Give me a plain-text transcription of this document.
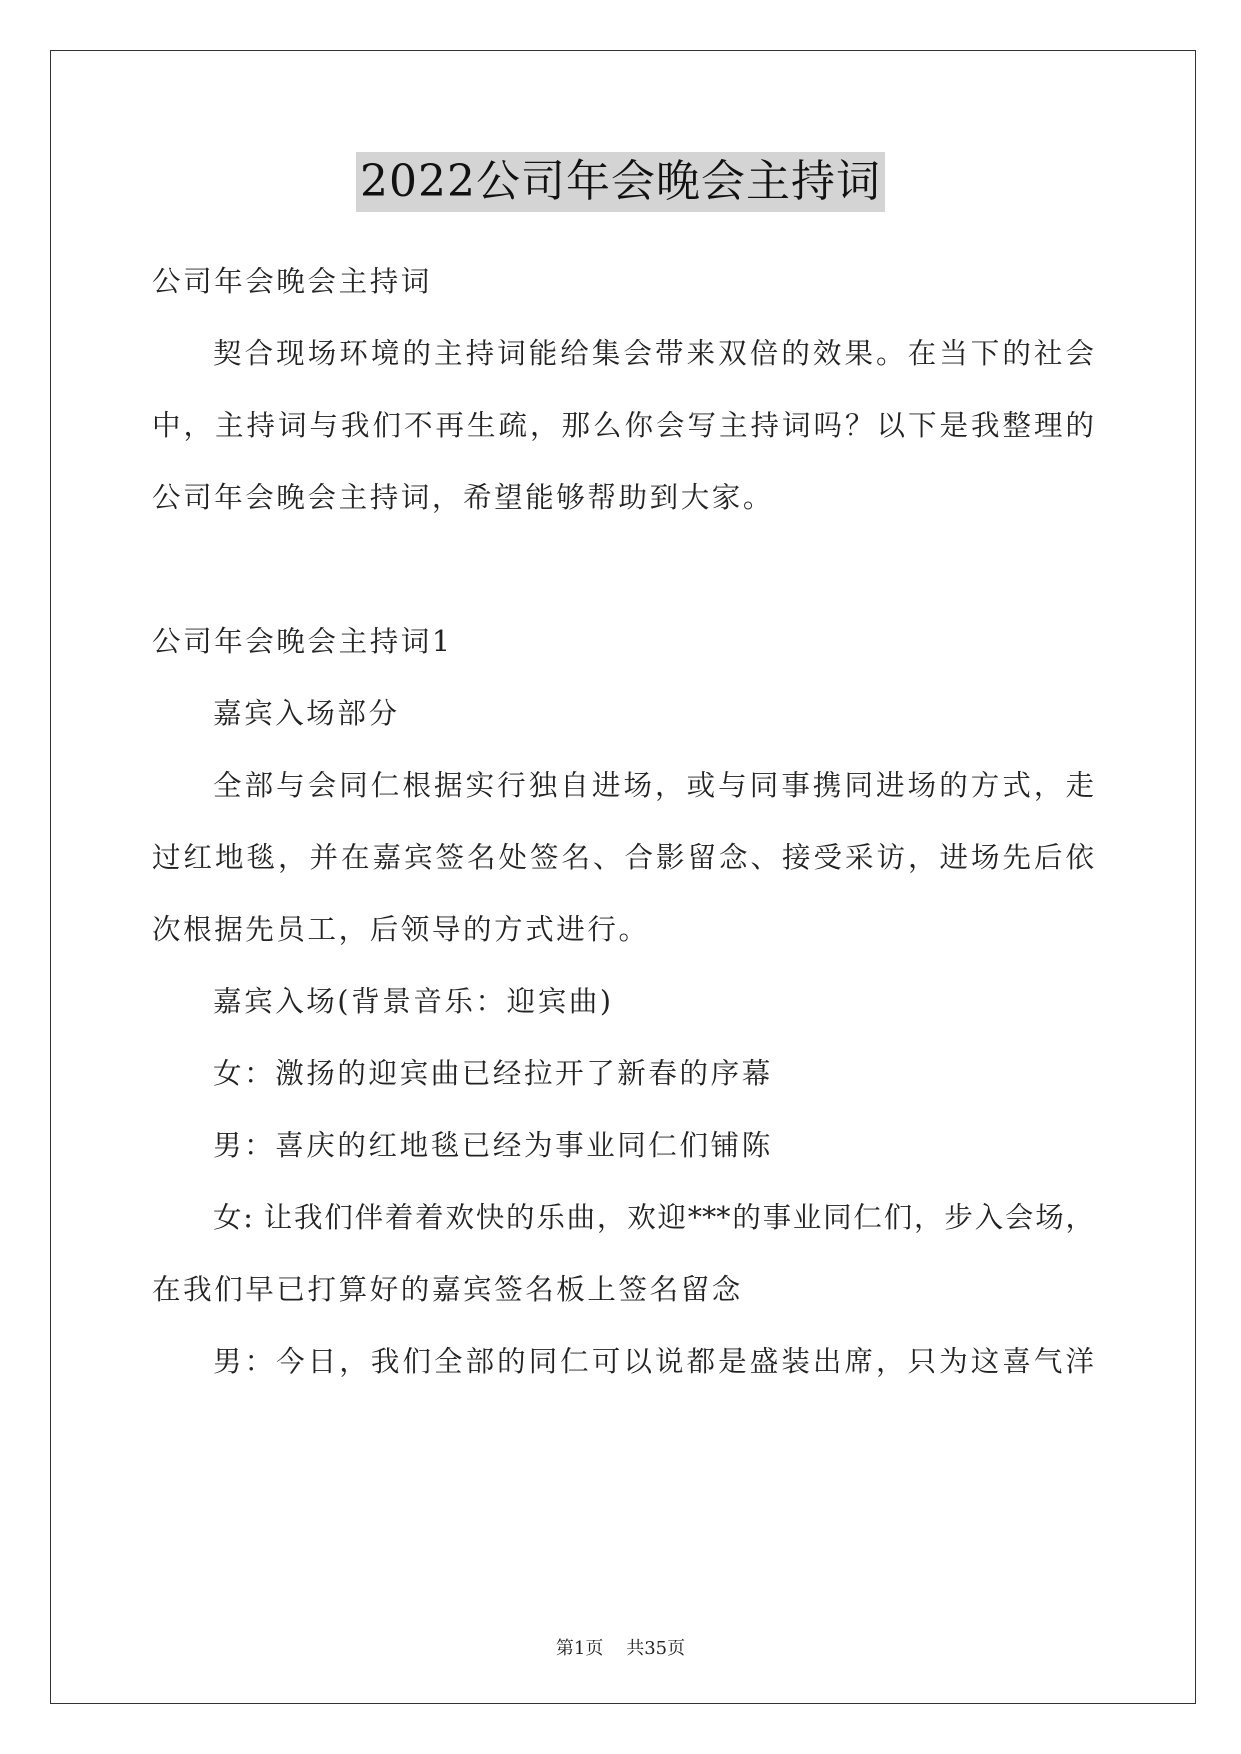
2022公司年会晚会主持词
公司年会晚会主持词
契合现场环境的主持词能给集会带来双倍的效果。在当下的社会
中，主持词与我们不再生疏，那么你会写主持词吗？以下是我整理的
公司年会晚会主持词，希望能够帮助到大家。
公司年会晚会主持词1
嘉宾入场部分
全部与会同仁根据实行独自进场，或与同事携同进场的方式，走
过红地毯，并在嘉宾签名处签名、合影留念、接受采访，进场先后依
次根据先员工，后领导的方式进行。
嘉宾入场(背景音乐：迎宾曲)
女：激扬的迎宾曲已经拉开了新春的序幕
男：喜庆的红地毯已经为事业同仁们铺陈
女: 让我们伴着着欢快的乐曲，欢迎***的事业同仁们，步入会场，
在我们早已打算好的嘉宾签名板上签名留念
男：今日，我们全部的同仁可以说都是盛装出席，只为这喜气洋
第1页 共35页
